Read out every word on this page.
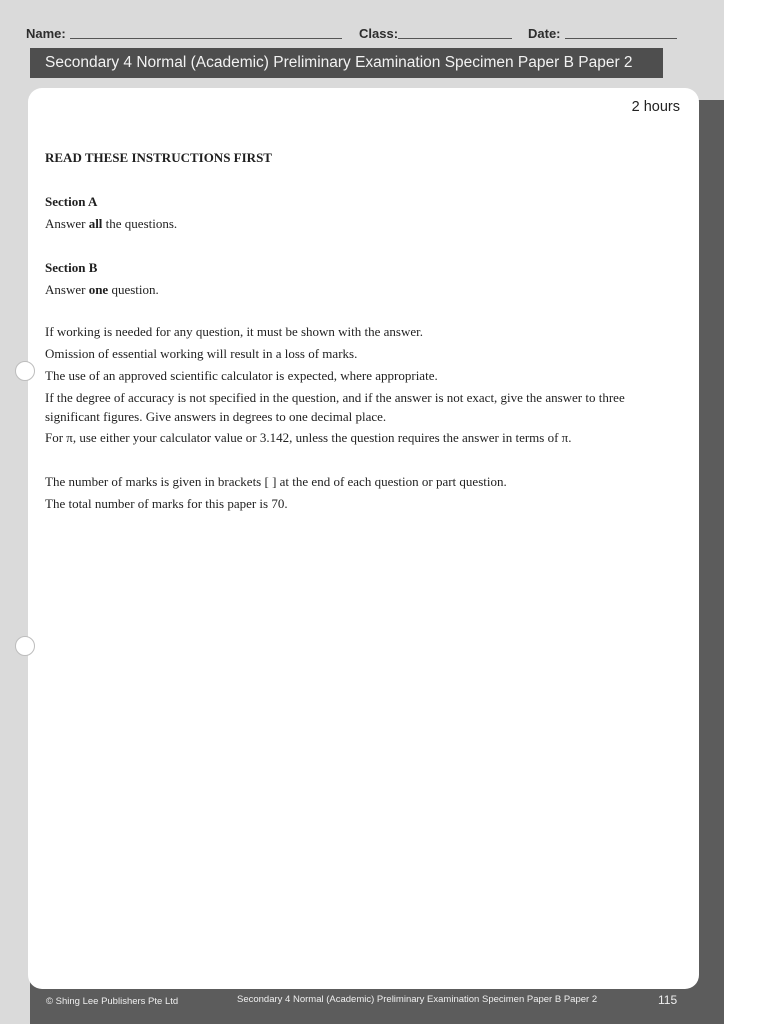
Name:	Class:	Date:
Secondary 4 Normal (Academic) Preliminary Examination Specimen Paper B Paper 2
2 hours
READ THESE INSTRUCTIONS FIRST
Section A
Answer all the questions.
Section B
Answer one question.
If working is needed for any question, it must be shown with the answer.
Omission of essential working will result in a loss of marks.
The use of an approved scientific calculator is expected, where appropriate.
If the degree of accuracy is not specified in the question, and if the answer is not exact, give the answer to three
significant figures. Give answers in degrees to one decimal place.
For π, use either your calculator value or 3.142, unless the question requires the answer in terms of π.
The number of marks is given in brackets [ ] at the end of each question or part question.
The total number of marks for this paper is 70.
© Shing Lee Publishers Pte Ltd	Secondary 4 Normal (Academic) Preliminary Examination Specimen Paper B Paper 2	115
